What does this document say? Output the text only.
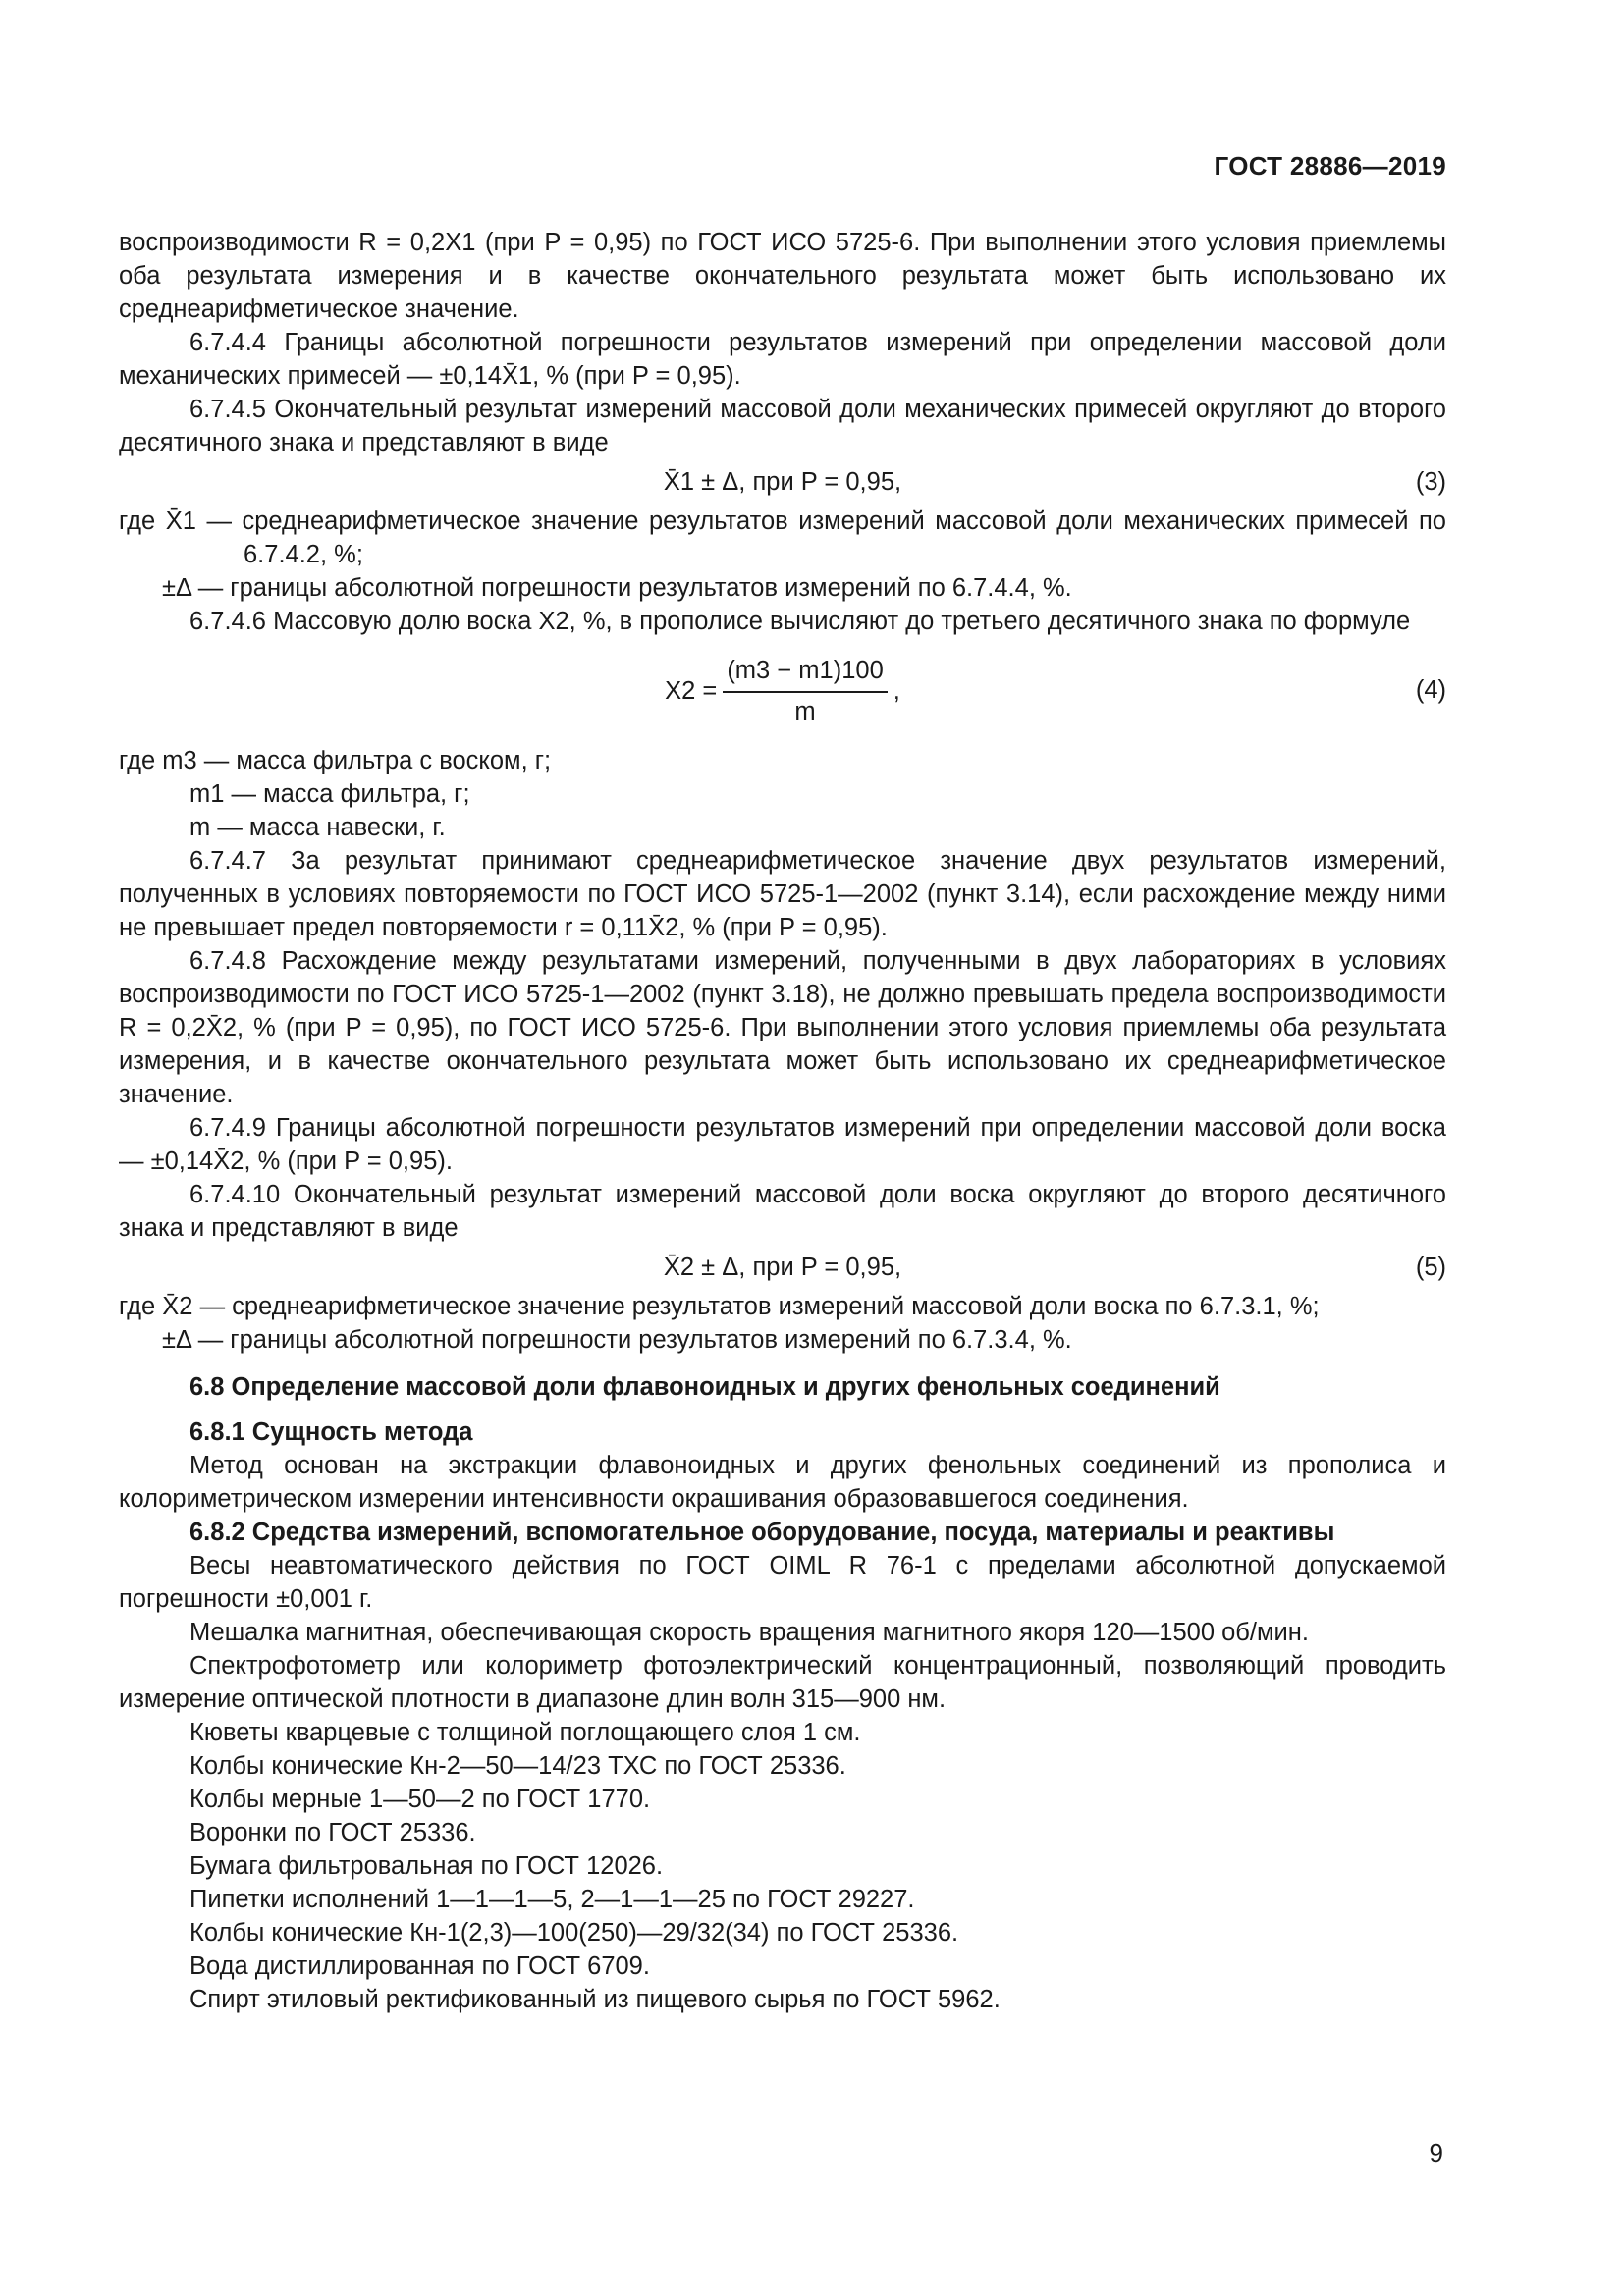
ГОСТ 28886—2019

воспроизводимости R = 0,2X1 (при P = 0,95) по ГОСТ ИСО 5725-6. При выполнении этого условия приемлемы оба результата измерения и в качестве окончательного результата может быть использовано их среднеарифметическое значение.

6.7.4.4 Границы абсолютной погрешности результатов измерений при определении массовой доли механических примесей — ±0,14X̄1, % (при P = 0,95).

6.7.4.5 Окончательный результат измерений массовой доли механических примесей округляют до второго десятичного знака и представляют в виде

X̄1 ± Δ, при P = 0,95,	(3)

где X̄1 — среднеарифметическое значение результатов измерений массовой доли механических примесей по 6.7.4.2, %;

±Δ — границы абсолютной погрешности результатов измерений по 6.7.4.4, %.

6.7.4.6 Массовую долю воска X2, %, в прополисе вычисляют до третьего десятичного знака по формуле

$X2 = \frac{(m3 - m1)100}{m}$ ,	(4)

где m3 — масса фильтра с воском, г;

m1 — масса фильтра, г;

m — масса навески, г.

6.7.4.7 За результат принимают среднеарифметическое значение двух результатов измерений, полученных в условиях повторяемости по ГОСТ ИСО 5725-1—2002 (пункт 3.14), если расхождение между ними не превышает предел повторяемости r = 0,11X̄2, % (при P = 0,95).

6.7.4.8 Расхождение между результатами измерений, полученными в двух лабораториях в условиях воспроизводимости по ГОСТ ИСО 5725-1—2002 (пункт 3.18), не должно превышать предела воспроизводимости R = 0,2X̄2, % (при P = 0,95), по ГОСТ ИСО 5725-6. При выполнении этого условия приемлемы оба результата измерения, и в качестве окончательного результата может быть использовано их среднеарифметическое значение.

6.7.4.9 Границы абсолютной погрешности результатов измерений при определении массовой доли воска — ±0,14X̄2, % (при P = 0,95).

6.7.4.10 Окончательный результат измерений массовой доли воска округляют до второго десятичного знака и представляют в виде

X̄2 ± Δ, при P = 0,95,	(5)

где X̄2 — среднеарифметическое значение результатов измерений массовой доли воска по 6.7.3.1, %;

±Δ — границы абсолютной погрешности результатов измерений по 6.7.3.4, %.

6.8 Определение массовой доли флавоноидных и других фенольных соединений

6.8.1 Сущность метода

Метод основан на экстракции флавоноидных и других фенольных соединений из прополиса и колориметрическом измерении интенсивности окрашивания образовавшегося соединения.

6.8.2 Средства измерений, вспомогательное оборудование, посуда, материалы и реактивы

Весы неавтоматического действия по ГОСТ OIML R 76-1 с пределами абсолютной допускаемой погрешности ±0,001 г.

Мешалка магнитная, обеспечивающая скорость вращения магнитного якоря 120—1500 об/мин.

Спектрофотометр или колориметр фотоэлектрический концентрационный, позволяющий проводить измерение оптической плотности в диапазоне длин волн 315—900 нм.

Кюветы кварцевые с толщиной поглощающего слоя 1 см.

Колбы конические Кн-2—50—14/23 ТХС по ГОСТ 25336.

Колбы мерные 1—50—2 по ГОСТ 1770.

Воронки по ГОСТ 25336.

Бумага фильтровальная по ГОСТ 12026.

Пипетки исполнений 1—1—1—5, 2—1—1—25 по ГОСТ 29227.

Колбы конические Кн-1(2,3)—100(250)—29/32(34) по ГОСТ 25336.

Вода дистиллированная по ГОСТ 6709.

Спирт этиловый ректификованный из пищевого сырья по ГОСТ 5962.

9
